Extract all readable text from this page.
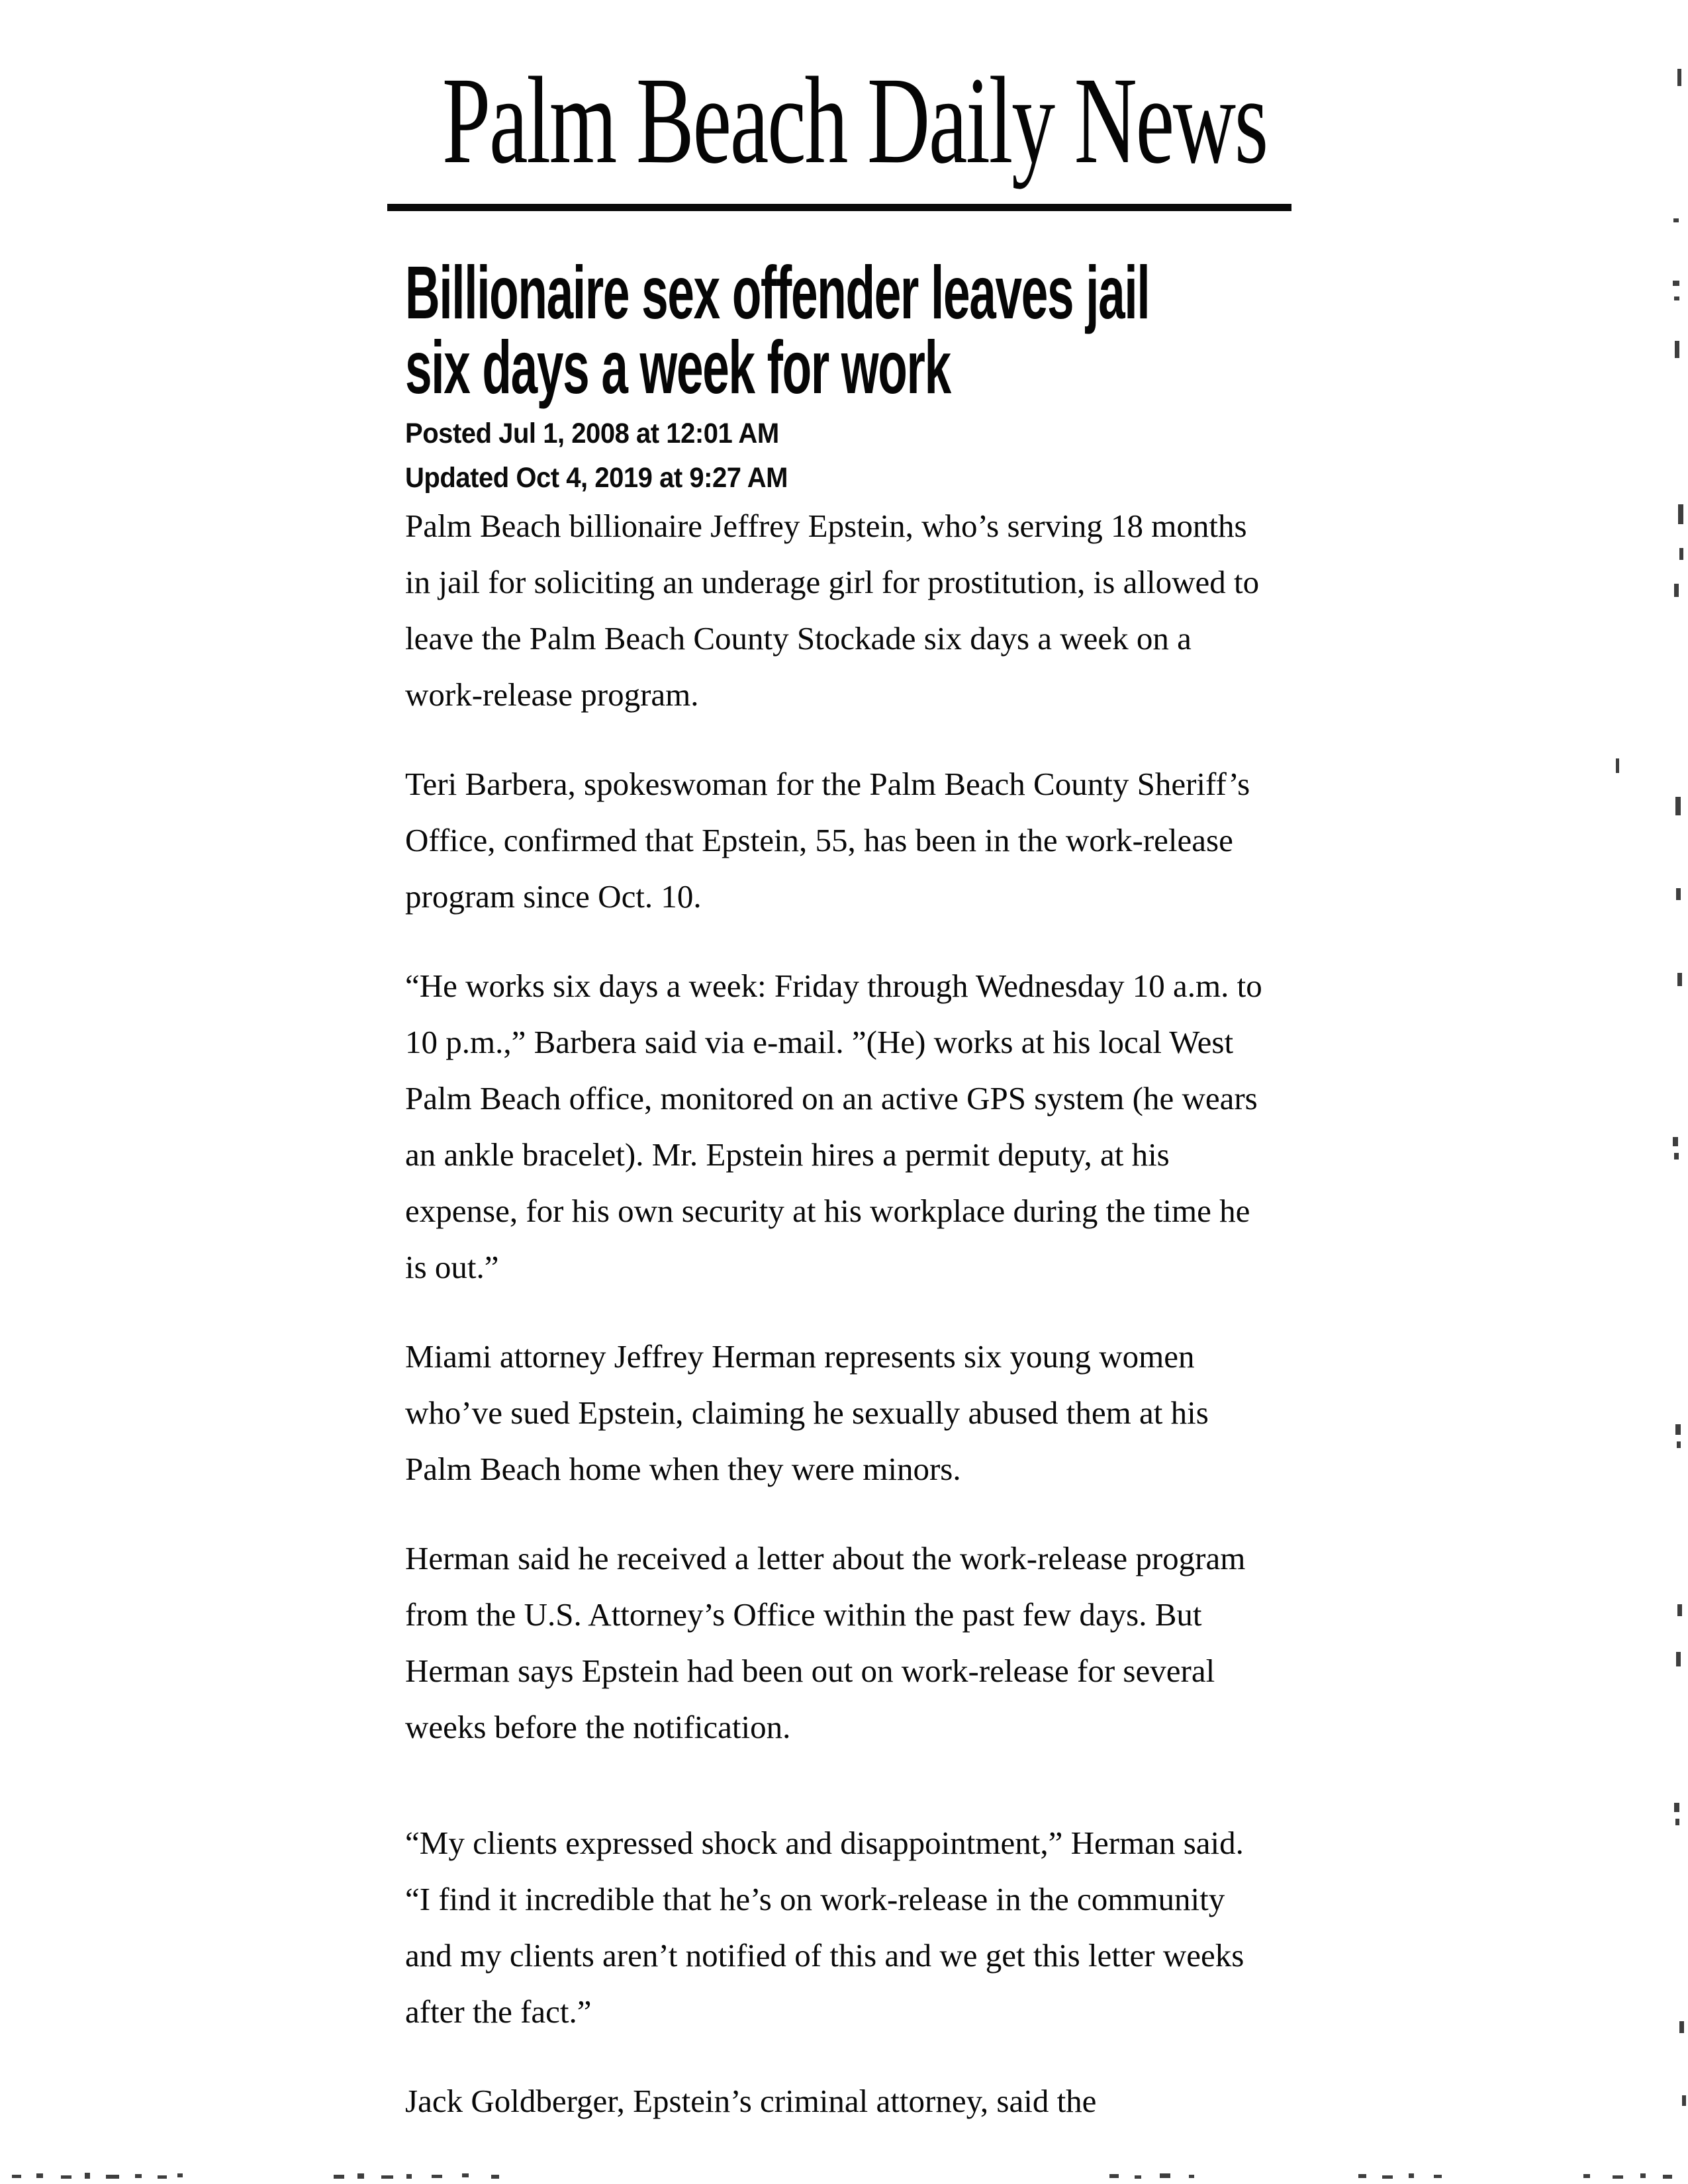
Palm Beach Daily News
Billionaire sex offender leaves jail
six days a week for work
Posted Jul 1, 2008 at 12:01 AM
Updated Oct 4, 2019 at 9:27 AM

Palm Beach billionaire Jeffrey Epstein, who’s serving 18 months in jail for soliciting an underage girl for prostitution, is allowed to leave the Palm Beach County Stockade six days a week on a work-release program.

Teri Barbera, spokeswoman for the Palm Beach County Sheriff’s Office, confirmed that Epstein, 55, has been in the work-release program since Oct. 10.

“He works six days a week: Friday through Wednesday 10 a.m. to 10 p.m.,” Barbera said via e-mail. ”(He) works at his local West Palm Beach office, monitored on an active GPS system (he wears an ankle bracelet). Mr. Epstein hires a permit deputy, at his expense, for his own security at his workplace during the time he is out.”

Miami attorney Jeffrey Herman represents six young women who’ve sued Epstein, claiming he sexually abused them at his Palm Beach home when they were minors.

Herman said he received a letter about the work-release program from the U.S. Attorney’s Office within the past few days. But Herman says Epstein had been out on work-release for several weeks before the notification.

“My clients expressed shock and disappointment,” Herman said. “I find it incredible that he’s on work-release in the community and my clients aren’t notified of this and we get this letter weeks after the fact.”

Jack Goldberger, Epstein’s criminal attorney, said the
